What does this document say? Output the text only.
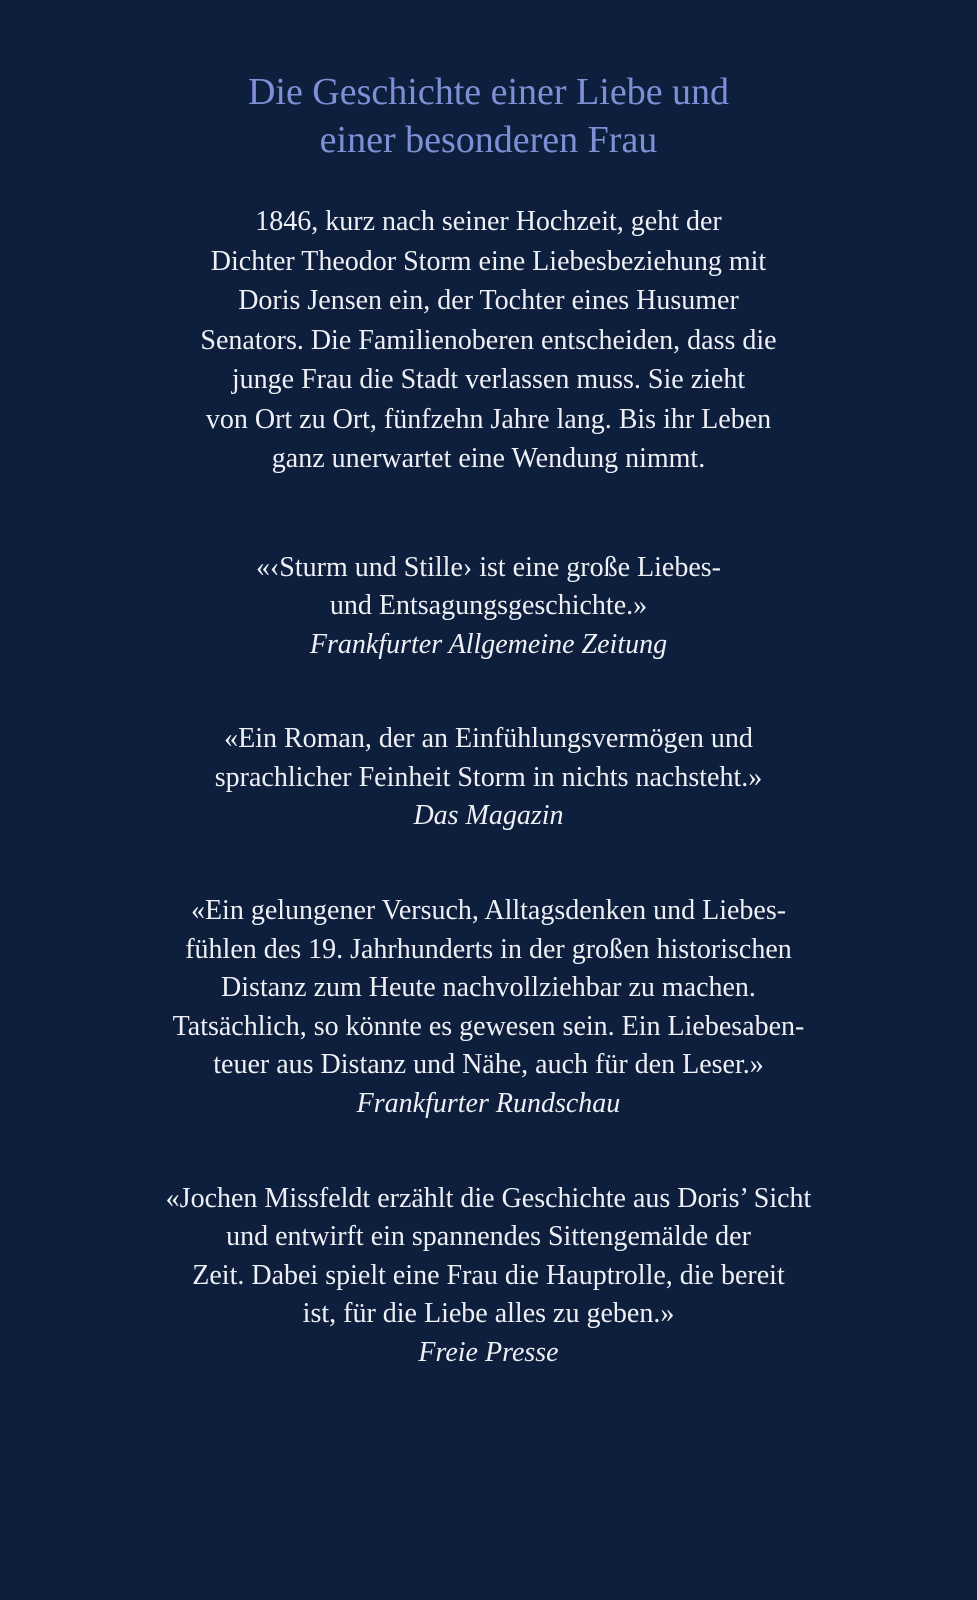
Die Geschichte einer Liebe und
einer besonderen Frau
1846, kurz nach seiner Hochzeit, geht der
Dichter Theodor Storm eine Liebesbeziehung mit
Doris Jensen ein, der Tochter eines Husumer
Senators. Die Familienoberen entscheiden, dass die
junge Frau die Stadt verlassen muss. Sie zieht
von Ort zu Ort, fünfzehn Jahre lang. Bis ihr Leben
ganz unerwartet eine Wendung nimmt.
«‹Sturm und Stille› ist eine große Liebes-
und Entsagungsgeschichte.»
Frankfurter Allgemeine Zeitung
«Ein Roman, der an Einfühlungsvermögen und
sprachlicher Feinheit Storm in nichts nachsteht.»
Das Magazin
«Ein gelungener Versuch, Alltagsdenken und Liebes-
fühlen des 19. Jahrhunderts in der großen historischen
Distanz zum Heute nachvollziehbar zu machen.
Tatsächlich, so könnte es gewesen sein. Ein Liebesaben-
teuer aus Distanz und Nähe, auch für den Leser.»
Frankfurter Rundschau
«Jochen Missfeldt erzählt die Geschichte aus Doris’ Sicht
und entwirft ein spannendes Sittengemälde der
Zeit. Dabei spielt eine Frau die Hauptrolle, die bereit
ist, für die Liebe alles zu geben.»
Freie Presse
